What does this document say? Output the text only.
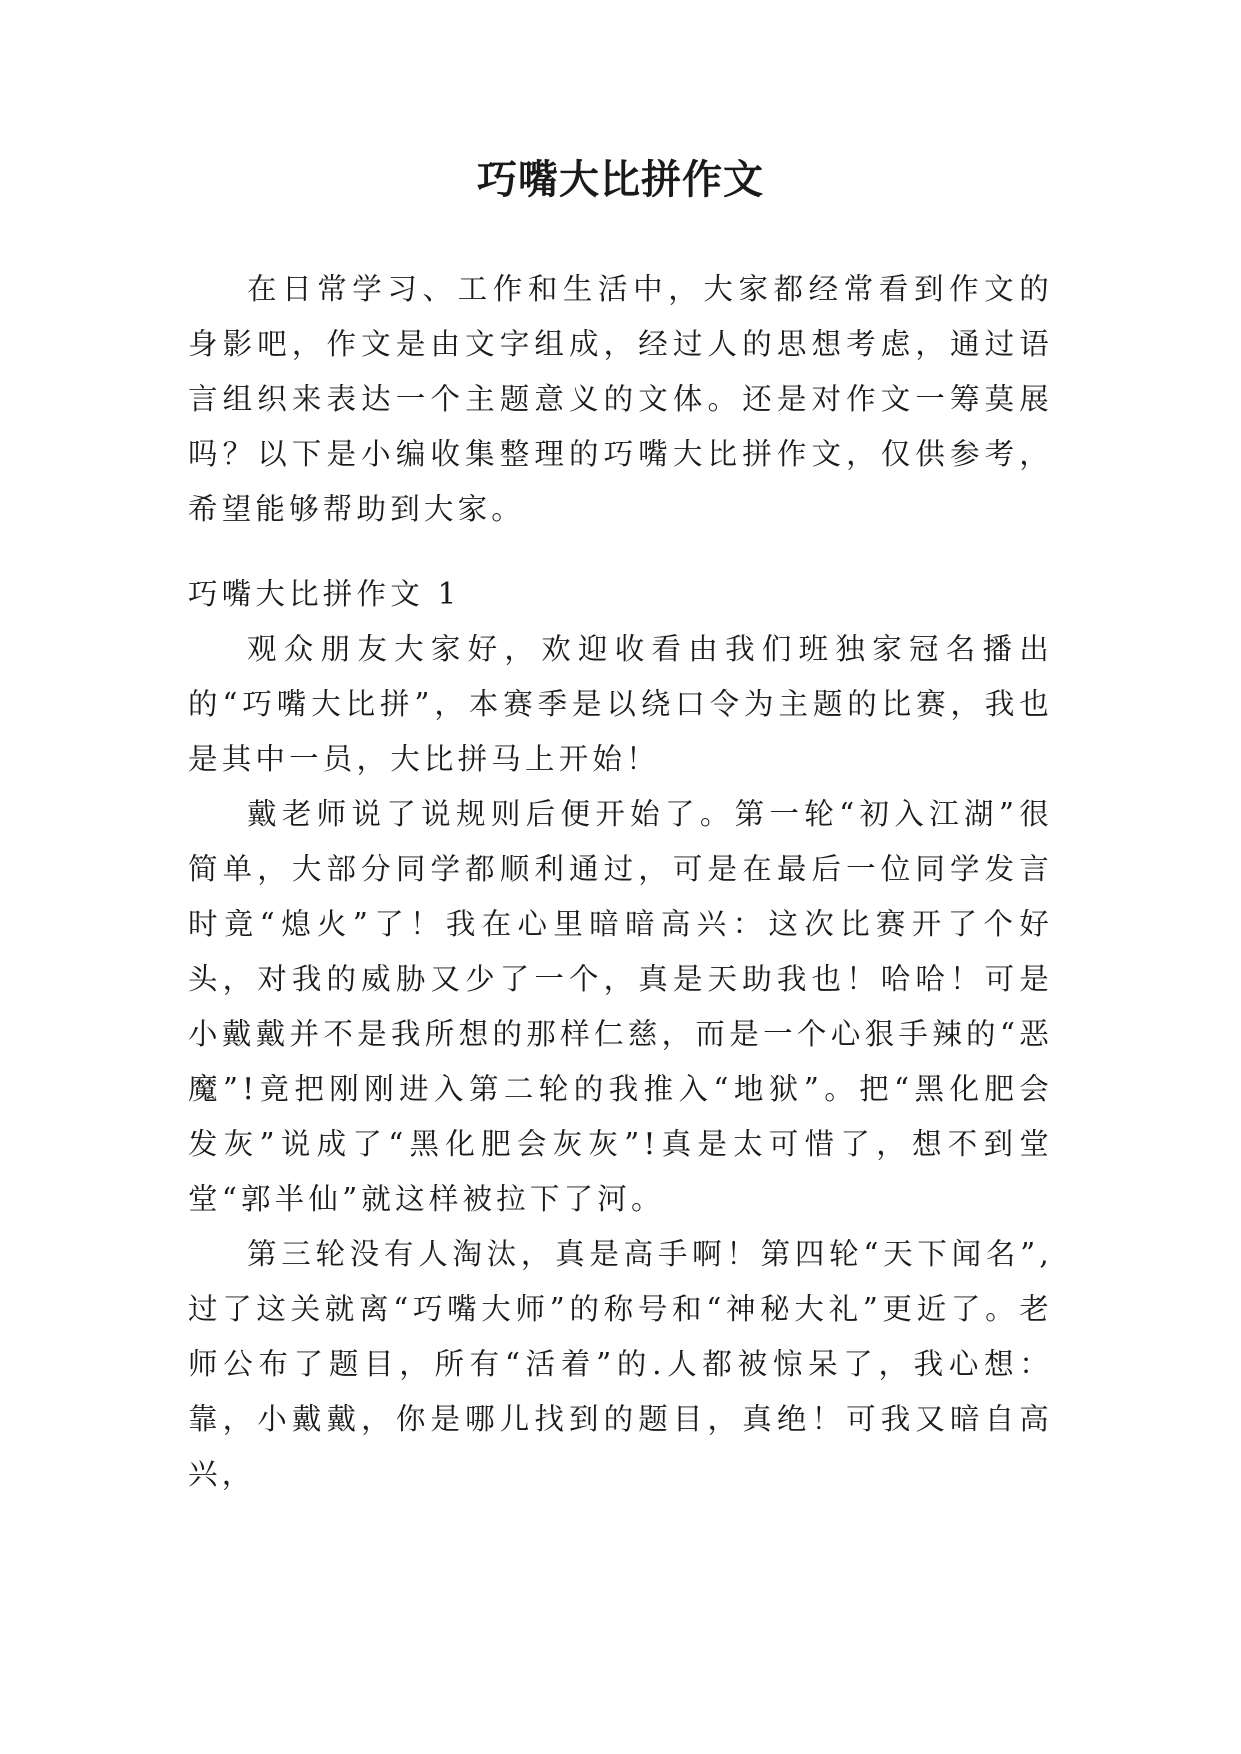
巧嘴大比拼作文

在日常学习、工作和生活中，大家都经常看到作文的身影吧，作文是由文字组成，经过人的思想考虑，通过语言组织来表达一个主题意义的文体。还是对作文一筹莫展吗？以下是小编收集整理的巧嘴大比拼作文，仅供参考，希望能够帮助到大家。

巧嘴大比拼作文 1

观众朋友大家好，欢迎收看由我们班独家冠名播出的“巧嘴大比拼”，本赛季是以绕口令为主题的比赛，我也是其中一员，大比拼马上开始！

戴老师说了说规则后便开始了。第一轮“初入江湖”很简单，大部分同学都顺利通过，可是在最后一位同学发言时竟“熄火”了！我在心里暗暗高兴：这次比赛开了个好头，对我的威胁又少了一个，真是天助我也！哈哈！可是小戴戴并不是我所想的那样仁慈，而是一个心狠手辣的“恶魔”!竟把刚刚进入第二轮的我推入“地狱”。把“黑化肥会发灰”说成了“黑化肥会灰灰”!真是太可惜了，想不到堂堂“郭半仙”就这样被拉下了河。

第三轮没有人淘汰，真是高手啊！第四轮“天下闻名”,过了这关就离“巧嘴大师”的称号和“神秘大礼”更近了。老师公布了题目，所有“活着”的.人都被惊呆了，我心想：靠，小戴戴，你是哪儿找到的题目，真绝！可我又暗自高兴，
